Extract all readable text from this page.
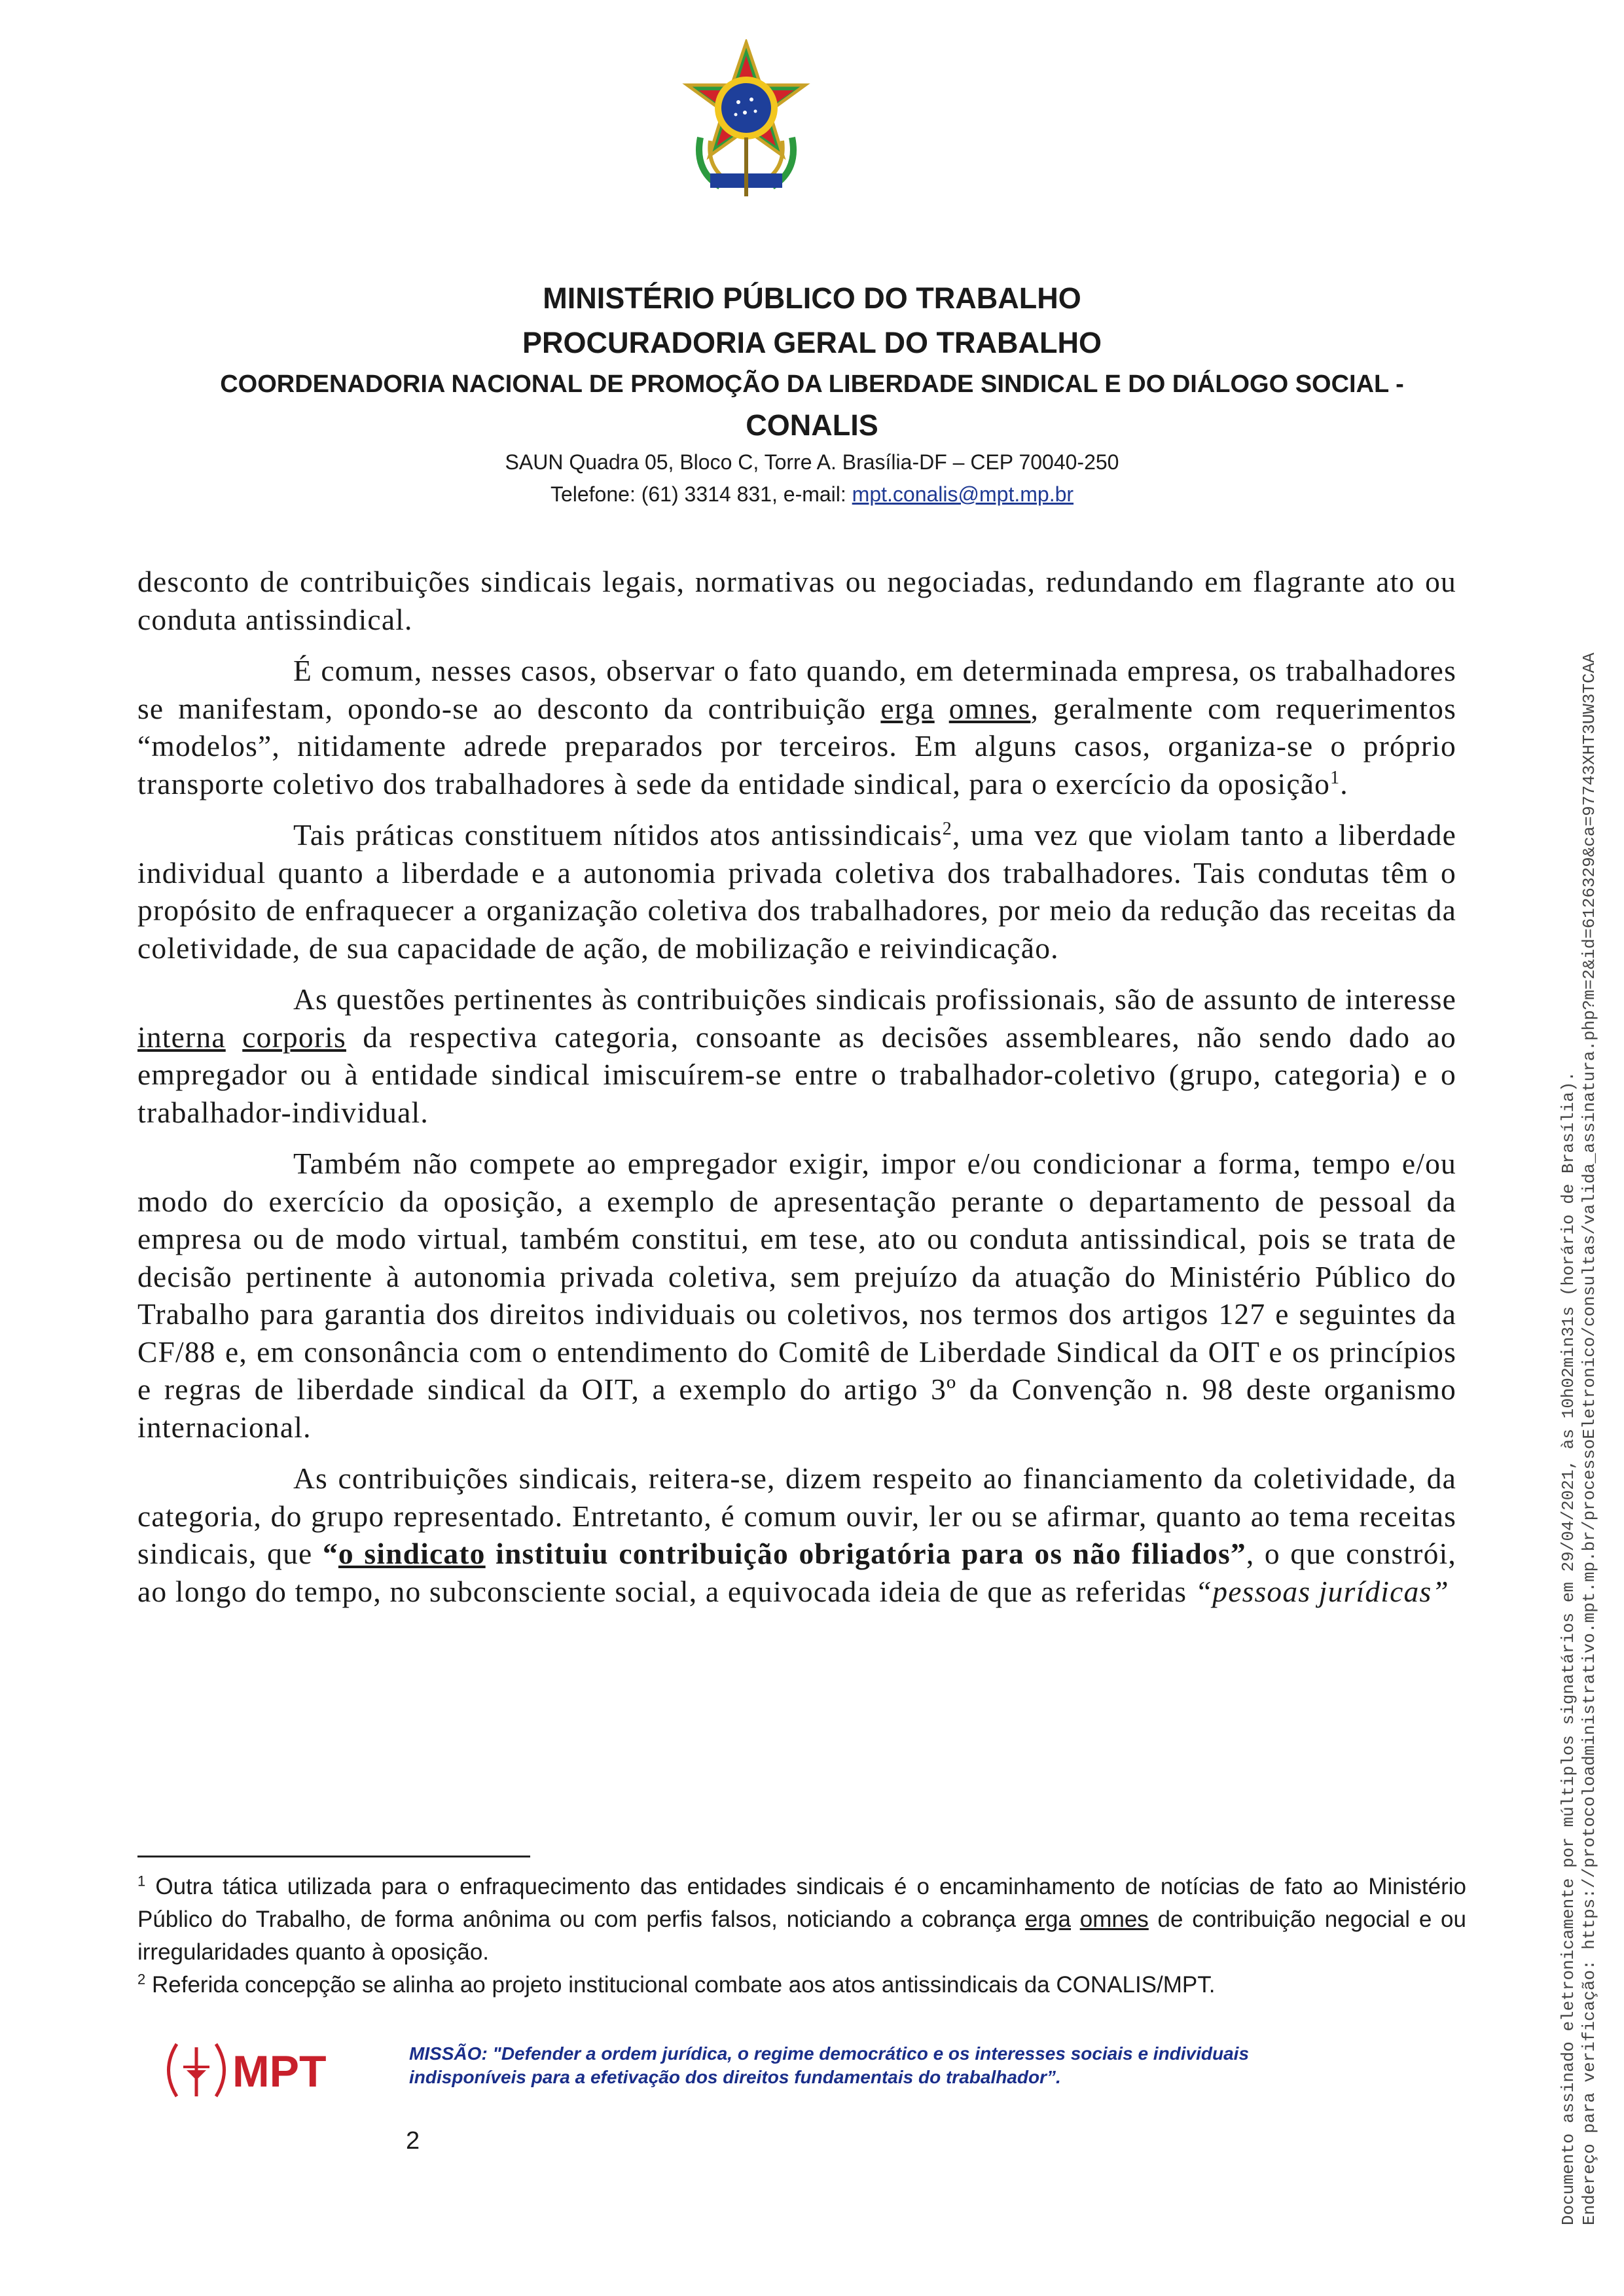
MINISTÉRIO PÚBLICO DO TRABALHO
PROCURADORIA GERAL DO TRABALHO
COORDENADORIA NACIONAL DE PROMOÇÃO DA LIBERDADE SINDICAL E DO DIÁLOGO SOCIAL -
CONALIS
SAUN Quadra 05, Bloco C, Torre A. Brasília-DF – CEP 70040-250
Telefone: (61) 3314 831, e-mail: mpt.conalis@mpt.mp.br

desconto de contribuições sindicais legais, normativas ou negociadas, redundando em flagrante ato ou conduta antissindical.

É comum, nesses casos, observar o fato quando, em determinada empresa, os trabalhadores se manifestam, opondo-se ao desconto da contribuição erga omnes, geralmente com requerimentos “modelos”, nitidamente adrede preparados por terceiros. Em alguns casos, organiza-se o próprio transporte coletivo dos trabalhadores à sede da entidade sindical, para o exercício da oposição$^1$.

Tais práticas constituem nítidos atos antissindicais$^2$, uma vez que violam tanto a liberdade individual quanto a liberdade e a autonomia privada coletiva dos trabalhadores. Tais condutas têm o propósito de enfraquecer a organização coletiva dos trabalhadores, por meio da redução das receitas da coletividade, de sua capacidade de ação, de mobilização e reivindicação.

As questões pertinentes às contribuições sindicais profissionais, são de assunto de interesse interna corporis da respectiva categoria, consoante as decisões assembleares, não sendo dado ao empregador ou à entidade sindical imiscuírem-se entre o trabalhador-coletivo (grupo, categoria) e o trabalhador-individual.

Também não compete ao empregador exigir, impor e/ou condicionar a forma, tempo e/ou modo do exercício da oposição, a exemplo de apresentação perante o departamento de pessoal da empresa ou de modo virtual, também constitui, em tese, ato ou conduta antissindical, pois se trata de decisão pertinente à autonomia privada coletiva, sem prejuízo da atuação do Ministério Público do Trabalho para garantia dos direitos individuais ou coletivos, nos termos dos artigos 127 e seguintes da CF/88 e, em consonância com o entendimento do Comitê de Liberdade Sindical da OIT e os princípios e regras de liberdade sindical da OIT, a exemplo do artigo 3º da Convenção n. 98 deste organismo internacional.

As contribuições sindicais, reitera-se, dizem respeito ao financiamento da coletividade, da categoria, do grupo representado. Entretanto, é comum ouvir, ler ou se afirmar, quanto ao tema receitas sindicais, que “o sindicato instituiu contribuição obrigatória para os não filiados”, o que constrói, ao longo do tempo, no subconsciente social, a equivocada ideia de que as referidas “pessoas jurídicas”

$^1$ Outra tática utilizada para o enfraquecimento das entidades sindicais é o encaminhamento de notícias de fato ao Ministério Público do Trabalho, de forma anônima ou com perfis falsos, noticiando a cobrança erga omnes de contribuição negocial e ou irregularidades quanto à oposição.

$^2$ Referida concepção se alinha ao projeto institucional combate aos atos antissindicais da CONALIS/MPT.

MPT	MISSÃO: "Defender a ordem jurídica, o regime democrático e os interesses sociais e individuais
indisponíveis para a efetivação dos direitos fundamentais do trabalhador”.
2	Documento assinado eletronicamente por múltiplos signatários em 29/04/2021, às 10h02min31s (horário de Brasília). Endereço para verificação: https://protocoloadministrativo.mpt.mp.br/processoEletronico/consultas/valida_assinatura.php?m=2&id=6126329&ca=97743XHT3UW3TCAA
